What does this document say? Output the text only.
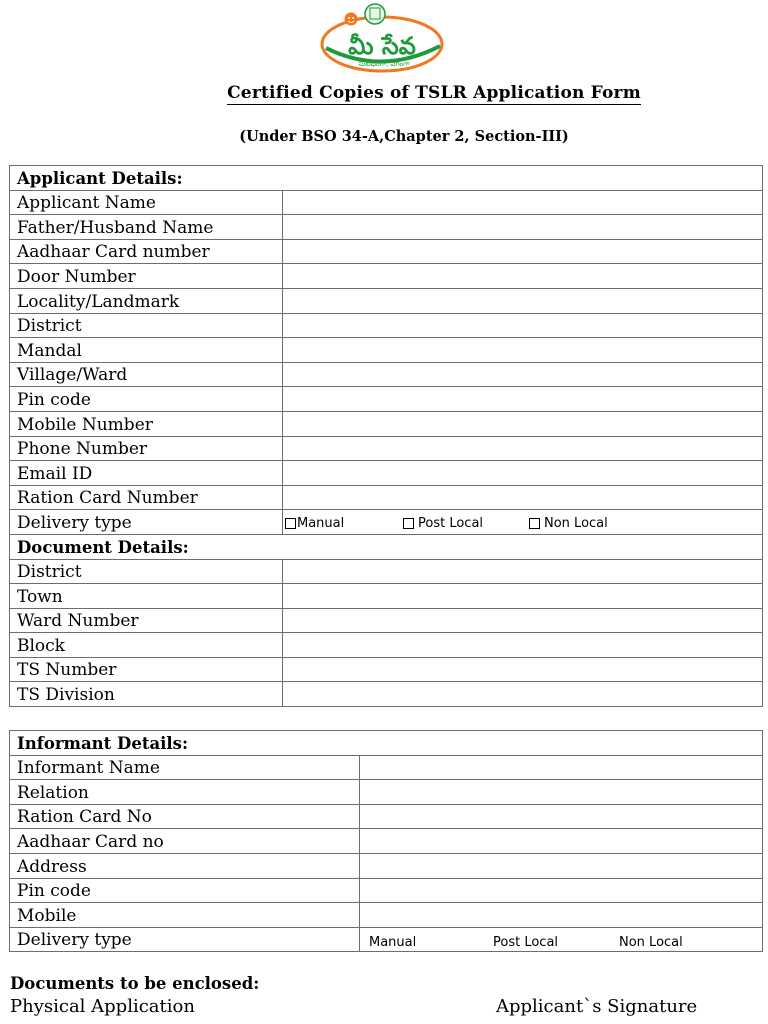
మీ సేవ
సులభంగా, వేగంగా
Certified Copies of TSLR Application Form
(Under BSO 34-A,Chapter 2, Section-III)
Applicant Details:	
Applicant Name	
Father/Husband Name	
Aadhaar Card number	
Door Number	
Locality/Landmark	
District	
Mandal	
Village/Ward	
Pin code	
Mobile Number	
Phone Number	
Email ID	
Ration Card Number	
Delivery type	Manual Post Local Non Local

Document Details:	
District	
Town	
Ward Number	
Block	
TS Number	
TS Division	
Informant Details:	
Informant Name	
Relation	
Ration Card No	
Aadhaar Card no	
Address	
Pin code	
Mobile	
Delivery type	Manual Post Local Non Local
Documents to be enclosed:
Physical Application	Applicant`s Signature
